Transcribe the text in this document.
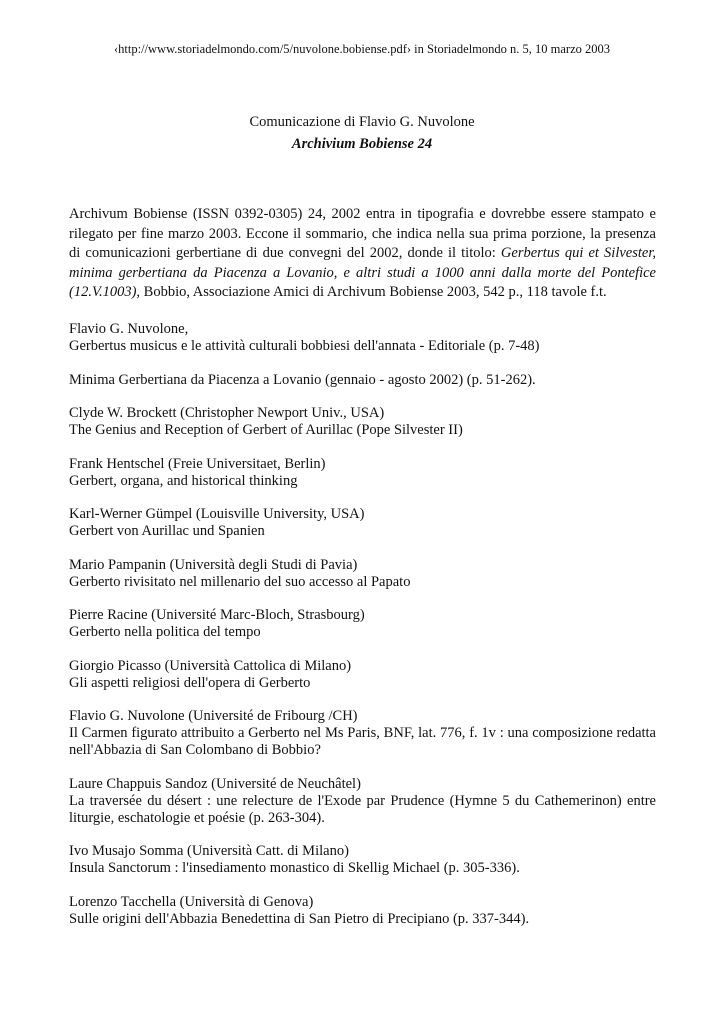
‹http://www.storiadelmondo.com/5/nuvolone.bobiense.pdf› in Storiadelmondo n. 5, 10 marzo 2003
Comunicazione di Flavio G. Nuvolone
Archivium Bobiense 24

Archivum Bobiense (ISSN 0392-0305) 24, 2002 entra in tipografia e dovrebbe essere stampato e rilegato per fine marzo 2003. Eccone il sommario, che indica nella sua prima porzione, la presenza di comunicazioni gerbertiane di due convegni del 2002, donde il titolo: Gerbertus qui et Silvester, minima gerbertiana da Piacenza a Lovanio, e altri studi a 1000 anni dalla morte del Pontefice (12.V.1003), Bobbio, Associazione Amici di Archivum Bobiense 2003, 542 p., 118 tavole f.t.

Flavio G. Nuvolone,
Gerbertus musicus e le attività culturali bobbiesi dell'annata - Editoriale (p. 7-48)
Minima Gerbertiana da Piacenza a Lovanio (gennaio - agosto 2002) (p. 51-262).
Clyde W. Brockett (Christopher Newport Univ., USA)
The Genius and Reception of Gerbert of Aurillac (Pope Silvester II)
Frank Hentschel (Freie Universitaet, Berlin)
Gerbert, organa, and historical thinking
Karl-Werner Gümpel (Louisville University, USA)
Gerbert von Aurillac und Spanien
Mario Pampanin (Università degli Studi di Pavia)
Gerberto rivisitato nel millenario del suo accesso al Papato
Pierre Racine (Université Marc-Bloch, Strasbourg)
Gerberto nella politica del tempo
Giorgio Picasso (Università Cattolica di Milano)
Gli aspetti religiosi dell'opera di Gerberto
Flavio G. Nuvolone (Université de Fribourg /CH)
Il Carmen figurato attribuito a Gerberto nel Ms Paris, BNF, lat. 776, f. 1v : una composizione redatta nell'Abbazia di San Colombano di Bobbio?
Laure Chappuis Sandoz (Université de Neuchâtel)
La traversée du désert : une relecture de l'Exode par Prudence (Hymne 5 du Cathemerinon) entre liturgie, eschatologie et poésie (p. 263-304).
Ivo Musajo Somma (Università Catt. di Milano)
Insula Sanctorum : l'insediamento monastico di Skellig Michael (p. 305-336).
Lorenzo Tacchella (Università di Genova)
Sulle origini dell'Abbazia Benedettina di San Pietro di Precipiano (p. 337-344).
